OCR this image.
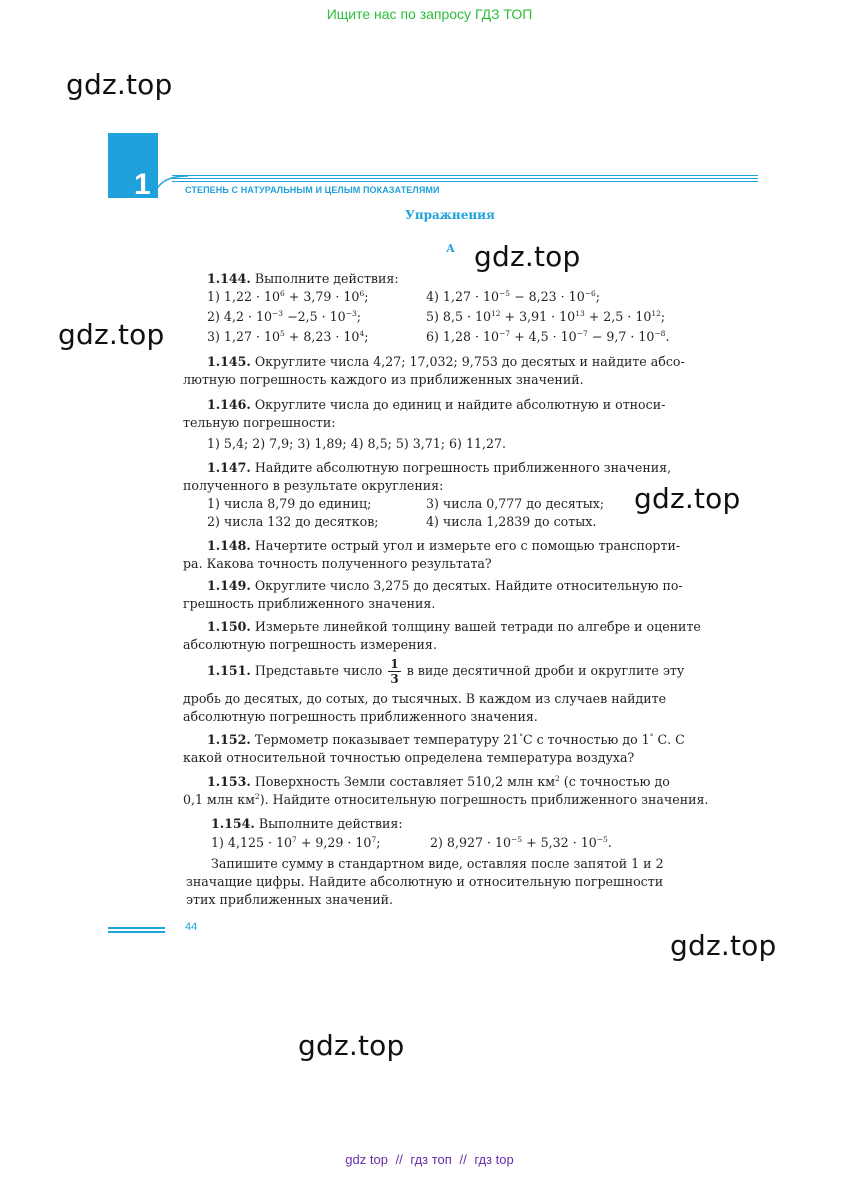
Ищите нас по запросу ГДЗ ТОП
gdz.top
gdz.top
gdz.top
gdz.top
gdz.top
gdz.top
1	СТЕПЕНЬ С НАТУРАЛЬНЫМ И ЦЕЛЫМ ПОКАЗАТЕЛЯМИ
Упражнения
А
1.144. Выполните действия:
1) $1,22 \cdot 10^6 + 3,79 \cdot 10^6$;	4) $1,27 \cdot 10^{-5} - 8,23 \cdot 10^{-6}$;
2) $4,2 \cdot 10^{-3} -2,5 \cdot 10^{-3}$;	5) $8,5 \cdot 10^{12} + 3,91 \cdot 10^{13} + 2,5 \cdot 10^{12}$;
3) $1,27 \cdot 10^5 + 8,23 \cdot 10^4$;	6) $1,28 \cdot 10^{-7} + 4,5 \cdot 10^{-7} - 9,7 \cdot 10^{-8}$.
1.145. Округлите числа 4,27; 17,032; 9,753 до десятых и найдите абсо-
лютную погрешность каждого из приближенных значений.
1.146. Округлите числа до единиц и найдите абсолютную и относи-
тельную погрешности:
1) 5,4; 2) 7,9; 3) 1,89; 4) 8,5; 5) 3,71; 6) 11,27.
1.147. Найдите абсолютную погрешность приближенного значения,
полученного в результате округления:
1) числа 8,79 до единиц;	3) числа 0,777 до десятых;
2) числа 132 до десятков;	4) числа 1,2839 до сотых.
1.148. Начертите острый угол и измерьте его с помощью транспорти-
ра. Какова точность полученного результата?
1.149. Округлите число 3,275 до десятых. Найдите относительную по-
грешность приближенного значения.
1.150. Измерьте линейкой толщину вашей тетради по алгебре и оцените
абсолютную погрешность измерения.
1.151. Представьте число $\frac{1}{3}$ в виде десятичной дроби и округлите эту
дробь до десятых, до сотых, до тысячных. В каждом из случаев найдите
абсолютную погрешность приближенного значения.
1.152. Термометр показывает температуру 21°С с точностью до 1° С. С
какой относительной точностью определена температура воздуха?
1.153. Поверхность Земли составляет 510,2 млн $км^2$ (с точностью до
0,1 млн $км^2$). Найдите относительную погрешность приближенного значения.
1.154. Выполните действия:
1) $4,125 \cdot 10^7 + 9,29 \cdot 10^7$;	2) $8,927 \cdot 10^{-5} + 5,32 \cdot 10^{-5}$.
Запишите сумму в стандартном виде, оставляя после запятой 1 и 2
значащие цифры. Найдите абсолютную и относительную погрешности
этих приближенных значений.
44
gdz top // гдз топ // гдз top
